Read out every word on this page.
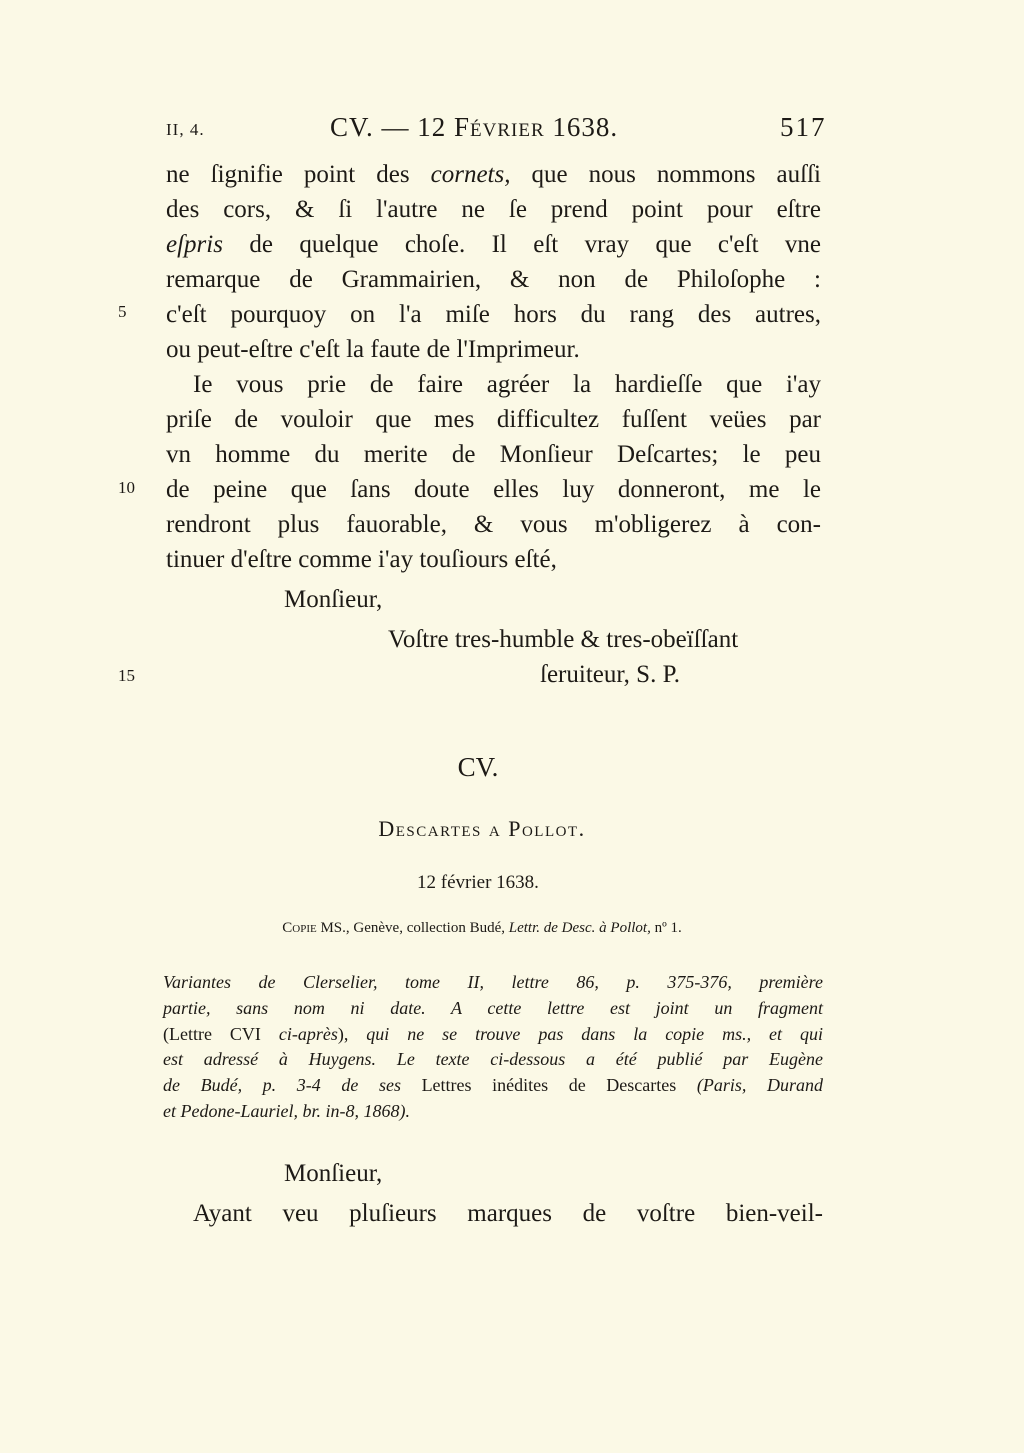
II, 4.	CV. — 12 Février 1638.	517
ne ſignifie point des cornets, que nous nommons auſſi
des cors, & ſi l'autre ne ſe prend point pour eſtre
eſpris de quelque choſe. Il eſt vray que c'eſt vne
remarque de Grammairien, & non de Philoſophe :
c'eſt pourquoy on l'a miſe hors du rang des autres,
ou peut-eſtre c'eſt la faute de l'Imprimeur.
Ie vous prie de faire agréer la hardieſſe que i'ay
priſe de vouloir que mes difficultez fuſſent veües par
vn homme du merite de Monſieur Deſcartes; le peu
de peine que ſans doute elles luy donneront, me le
rendront plus fauorable, & vous m'obligerez à con-
tinuer d'eſtre comme i'ay touſiours eſté,
Monſieur,
Voſtre tres-humble & tres-obeïſſant
ſeruiteur, S. P.
5
10
15
CV.
Descartes a Pollot.
12 février 1638.
Copie MS., Genève, collection Budé, Lettr. de Desc. à Pollot, nº 1.
Variantes de Clerselier, tome II, lettre 86, p. 375-376, première
partie, sans nom ni date. A cette lettre est joint un fragment
(Lettre CVI ci-après), qui ne se trouve pas dans la copie ms., et qui
est adressé à Huygens. Le texte ci-dessous a été publié par Eugène
de Budé, p. 3-4 de ses Lettres inédites de Descartes (Paris, Durand
et Pedone-Lauriel, br. in-8, 1868).
Monſieur,
Ayant veu pluſieurs marques de voſtre bien-veil-
